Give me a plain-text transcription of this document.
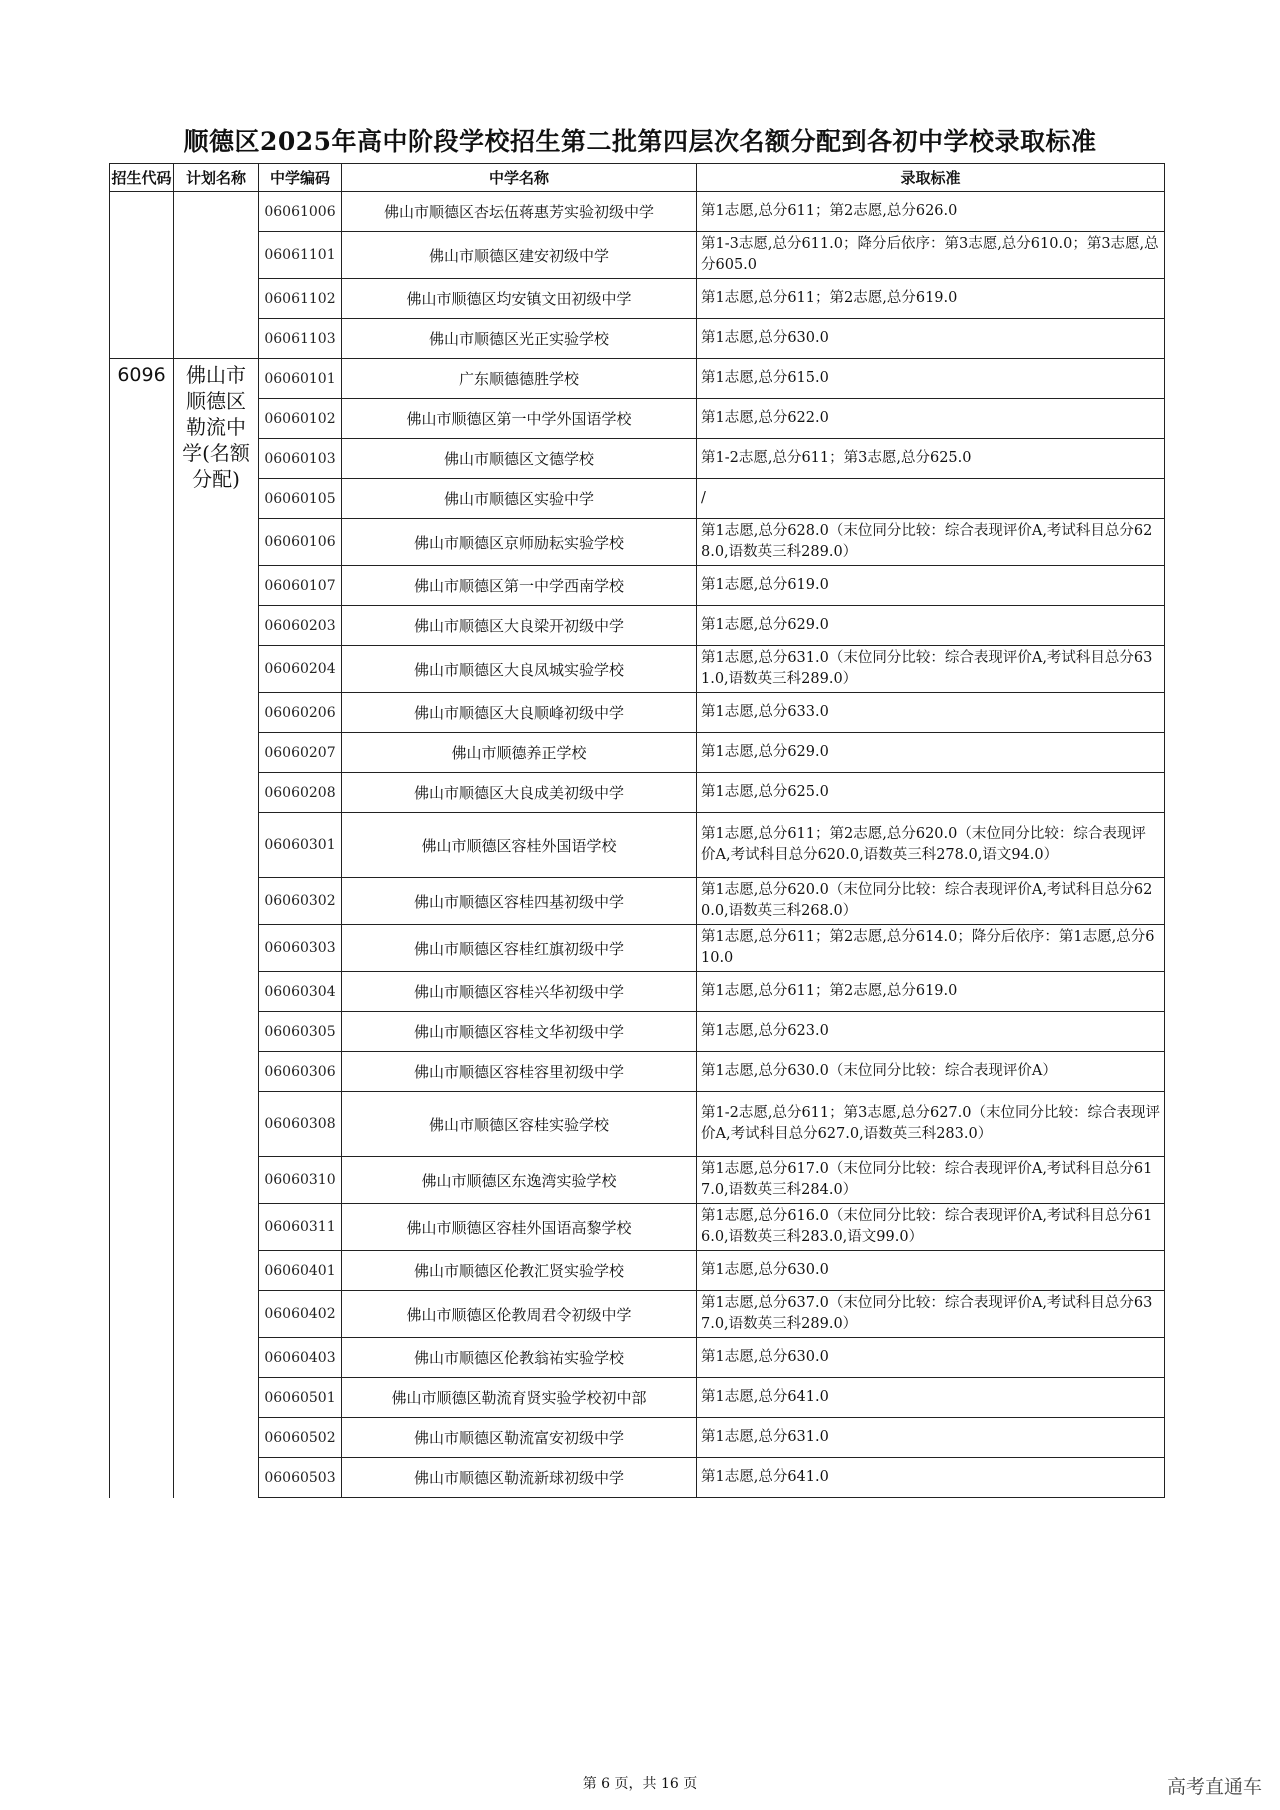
顺德区2025年高中阶段学校招生第二批第四层次名额分配到各初中学校录取标准
招生代码	计划名称	中学编码	中学名称	录取标准
		06061006	佛山市顺德区杏坛伍蒋惠芳实验初级中学	第1志愿,总分611；第2志愿,总分626.0
		06061101	佛山市顺德区建安初级中学	第1-3志愿,总分611.0；降分后依序：第3志愿,总分610.0；第3志愿,总分605.0
		06061102	佛山市顺德区均安镇文田初级中学	第1志愿,总分611；第2志愿,总分619.0
		06061103	佛山市顺德区光正实验学校	第1志愿,总分630.0
6096	佛山市顺德区勒流中学(名额分配)	06060101	广东顺德德胜学校	第1志愿,总分615.0
		06060102	佛山市顺德区第一中学外国语学校	第1志愿,总分622.0
		06060103	佛山市顺德区文德学校	第1-2志愿,总分611；第3志愿,总分625.0
		06060105	佛山市顺德区实验中学	/
		06060106	佛山市顺德区京师励耘实验学校	第1志愿,总分628.0（末位同分比较：综合表现评价A,考试科目总分628.0,语数英三科289.0）
		06060107	佛山市顺德区第一中学西南学校	第1志愿,总分619.0
		06060203	佛山市顺德区大良梁开初级中学	第1志愿,总分629.0
		06060204	佛山市顺德区大良凤城实验学校	第1志愿,总分631.0（末位同分比较：综合表现评价A,考试科目总分631.0,语数英三科289.0）
		06060206	佛山市顺德区大良顺峰初级中学	第1志愿,总分633.0
		06060207	佛山市顺德养正学校	第1志愿,总分629.0
		06060208	佛山市顺德区大良成美初级中学	第1志愿,总分625.0
		06060301	佛山市顺德区容桂外国语学校	第1志愿,总分611；第2志愿,总分620.0（末位同分比较：综合表现评价A,考试科目总分620.0,语数英三科278.0,语文94.0）
		06060302	佛山市顺德区容桂四基初级中学	第1志愿,总分620.0（末位同分比较：综合表现评价A,考试科目总分620.0,语数英三科268.0）
		06060303	佛山市顺德区容桂红旗初级中学	第1志愿,总分611；第2志愿,总分614.0；降分后依序：第1志愿,总分610.0
		06060304	佛山市顺德区容桂兴华初级中学	第1志愿,总分611；第2志愿,总分619.0
		06060305	佛山市顺德区容桂文华初级中学	第1志愿,总分623.0
		06060306	佛山市顺德区容桂容里初级中学	第1志愿,总分630.0（末位同分比较：综合表现评价A）
		06060308	佛山市顺德区容桂实验学校	第1-2志愿,总分611；第3志愿,总分627.0（末位同分比较：综合表现评价A,考试科目总分627.0,语数英三科283.0）
		06060310	佛山市顺德区东逸湾实验学校	第1志愿,总分617.0（末位同分比较：综合表现评价A,考试科目总分617.0,语数英三科284.0）
		06060311	佛山市顺德区容桂外国语高黎学校	第1志愿,总分616.0（末位同分比较：综合表现评价A,考试科目总分616.0,语数英三科283.0,语文99.0）
		06060401	佛山市顺德区伦教汇贤实验学校	第1志愿,总分630.0
		06060402	佛山市顺德区伦教周君令初级中学	第1志愿,总分637.0（末位同分比较：综合表现评价A,考试科目总分637.0,语数英三科289.0）
		06060403	佛山市顺德区伦教翁祐实验学校	第1志愿,总分630.0
		06060501	佛山市顺德区勒流育贤实验学校初中部	第1志愿,总分641.0
		06060502	佛山市顺德区勒流富安初级中学	第1志愿,总分631.0
		06060503	佛山市顺德区勒流新球初级中学	第1志愿,总分641.0
第 6 页，共 16 页	高考直通车
